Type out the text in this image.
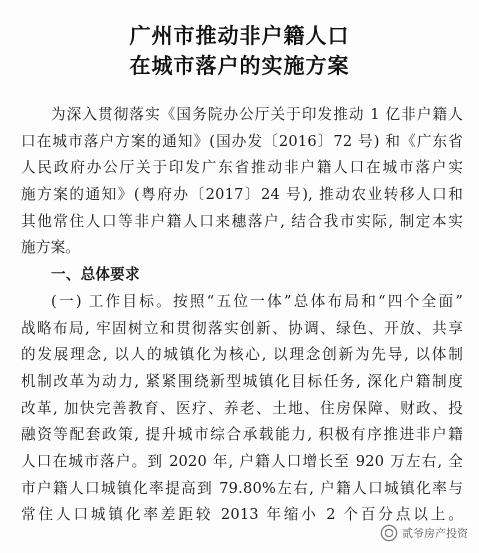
广州市推动非户籍人口
在城市落户的实施方案
为深入贯彻落实《国务院办公厅关于印发推动 1 亿非户籍人
口在城市落户方案的通知》(国办发〔2016〕72 号) 和《广东省
人民政府办公厅关于印发广东省推动非户籍人口在城市落户实
施方案的通知》(粤府办〔2017〕24 号), 推动农业转移人口和
其他常住人口等非户籍人口来穗落户, 结合我市实际, 制定本实
施方案。
一、总体要求
(一) 工作目标。按照“五位一体”总体布局和“四个全面”
战略布局, 牢固树立和贯彻落实创新、协调、绿色、开放、共享
的发展理念, 以人的城镇化为核心, 以理念创新为先导, 以体制
机制改革为动力, 紧紧围绕新型城镇化目标任务, 深化户籍制度
改革, 加快完善教育、医疗、养老、土地、住房保障、财政、投
融资等配套政策, 提升城市综合承载能力, 积极有序推进非户籍
人口在城市落户。到 2020 年, 户籍人口增长至 920 万左右, 全
市户籍人口城镇化率提高到 79.80%左右, 户籍人口城镇化率与
常住人口城镇化率差距较 2013 年缩小 2 个百分点以上。
贰爷房产投资
